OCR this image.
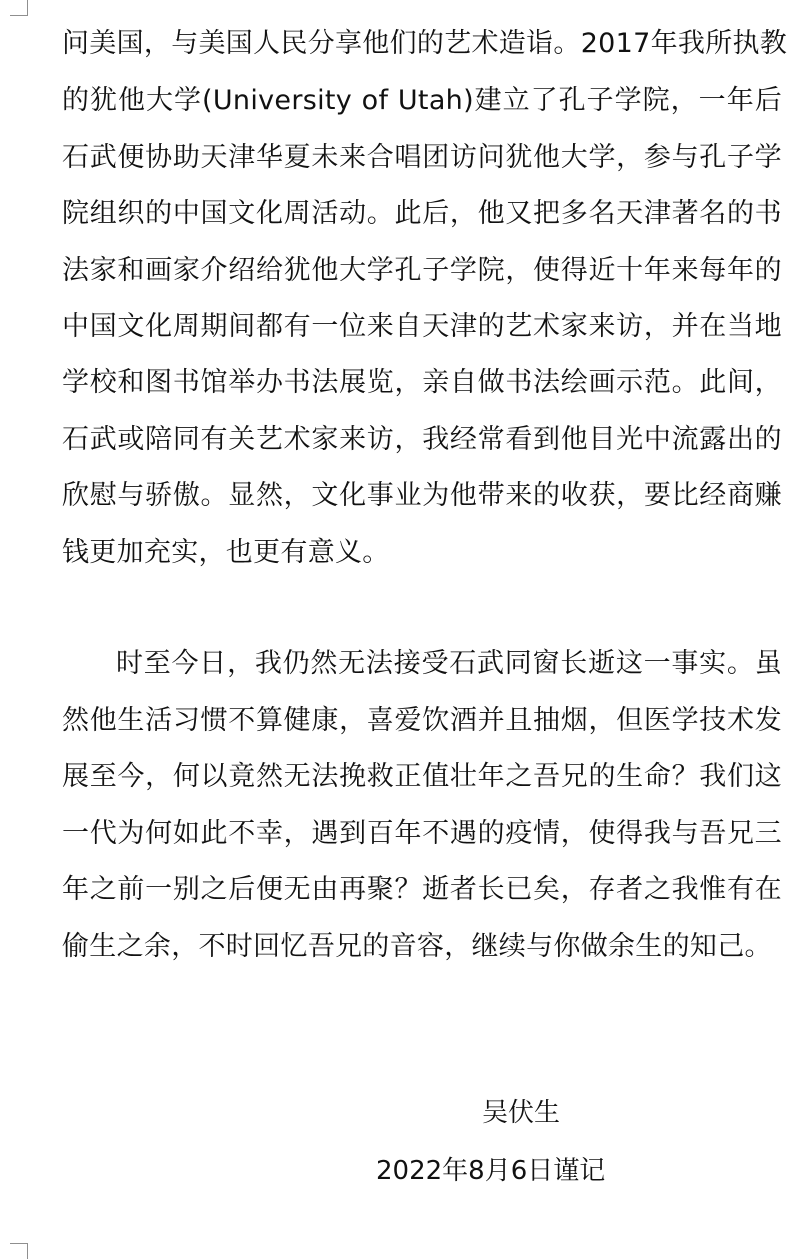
问美国，与美国人民分享他们的艺术造诣。2017年我所执教
的犹他大学(University of Utah)建立了孔子学院，一年后
石武便协助天津华夏未来合唱团访问犹他大学，参与孔子学
院组织的中国文化周活动。此后，他又把多名天津著名的书
法家和画家介绍给犹他大学孔子学院，使得近十年来每年的
中国文化周期间都有一位来自天津的艺术家来访，并在当地
学校和图书馆举办书法展览，亲自做书法绘画示范。此间，
石武或陪同有关艺术家来访，我经常看到他目光中流露出的
欣慰与骄傲。显然，文化事业为他带来的收获，要比经商赚
钱更加充实，也更有意义。
时至今日，我仍然无法接受石武同窗长逝这一事实。虽
然他生活习惯不算健康，喜爱饮酒并且抽烟，但医学技术发
展至今，何以竟然无法挽救正值壮年之吾兄的生命？我们这
一代为何如此不幸，遇到百年不遇的疫情，使得我与吾兄三
年之前一别之后便无由再聚？逝者长已矣，存者之我惟有在
偷生之余，不时回忆吾兄的音容，继续与你做余生的知己。
吴伏生
2022年8月6日谨记
